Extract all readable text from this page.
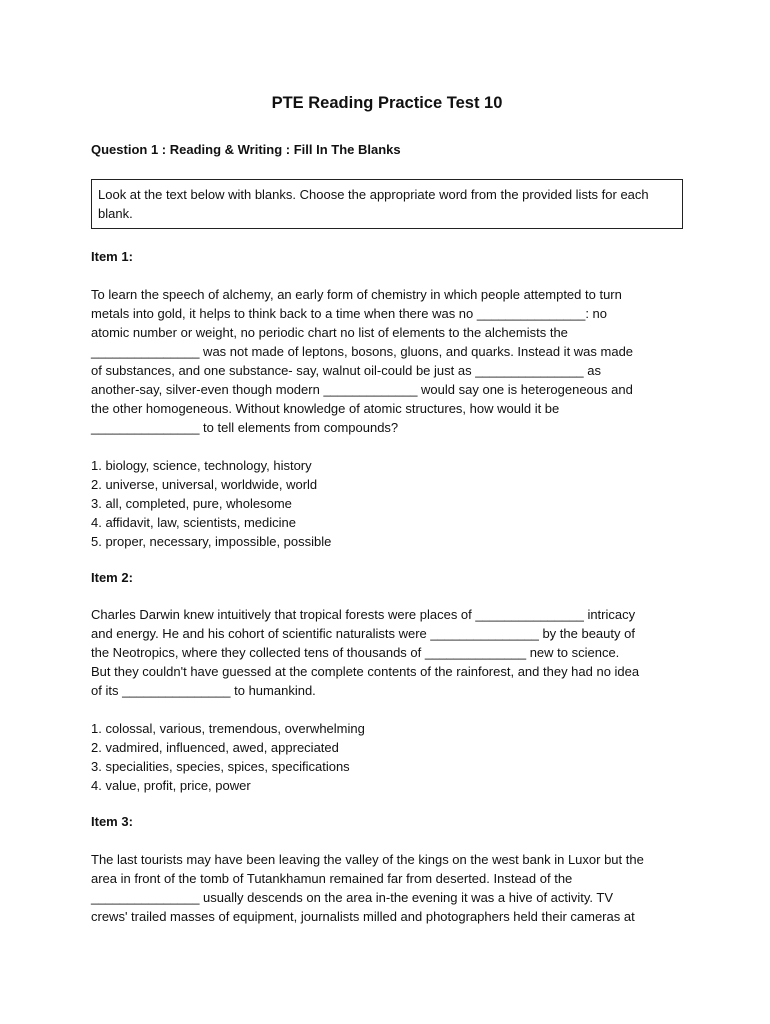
PTE Reading Practice Test 10
Question 1 : Reading & Writing : Fill In The Blanks
Look at the text below with blanks. Choose the appropriate word from the provided lists for each blank.
Item 1:
To learn the speech of alchemy, an early form of chemistry in which people attempted to turn
metals into gold, it helps to think back to a time when there was no _______________: no
atomic number or weight, no periodic chart no list of elements to the alchemists the
_______________ was not made of leptons, bosons, gluons, and quarks. Instead it was made
of substances, and one substance- say, walnut oil-could be just as _______________ as
another-say, silver-even though modern _____________ would say one is heterogeneous and
the other homogeneous. Without knowledge of atomic structures, how would it be
_______________ to tell elements from compounds?
1. biology, science, technology, history
2. universe, universal, worldwide, world
3. all, completed, pure, wholesome
4. affidavit, law, scientists, medicine
5. proper, necessary, impossible, possible
Item 2:
Charles Darwin knew intuitively that tropical forests were places of _______________ intricacy
and energy. He and his cohort of scientific naturalists were _______________ by the beauty of
the Neotropics, where they collected tens of thousands of ______________ new to science.
But they couldn't have guessed at the complete contents of the rainforest, and they had no idea
of its _______________ to humankind.
1. colossal, various, tremendous, overwhelming
2. vadmired, influenced, awed, appreciated
3. specialities, species, spices, specifications
4. value, profit, price, power
Item 3:
The last tourists may have been leaving the valley of the kings on the west bank in Luxor but the
area in front of the tomb of Tutankhamun remained far from deserted. Instead of the
_______________ usually descends on the area in-the evening it was a hive of activity. TV
crews' trailed masses of equipment, journalists milled and photographers held their cameras at
